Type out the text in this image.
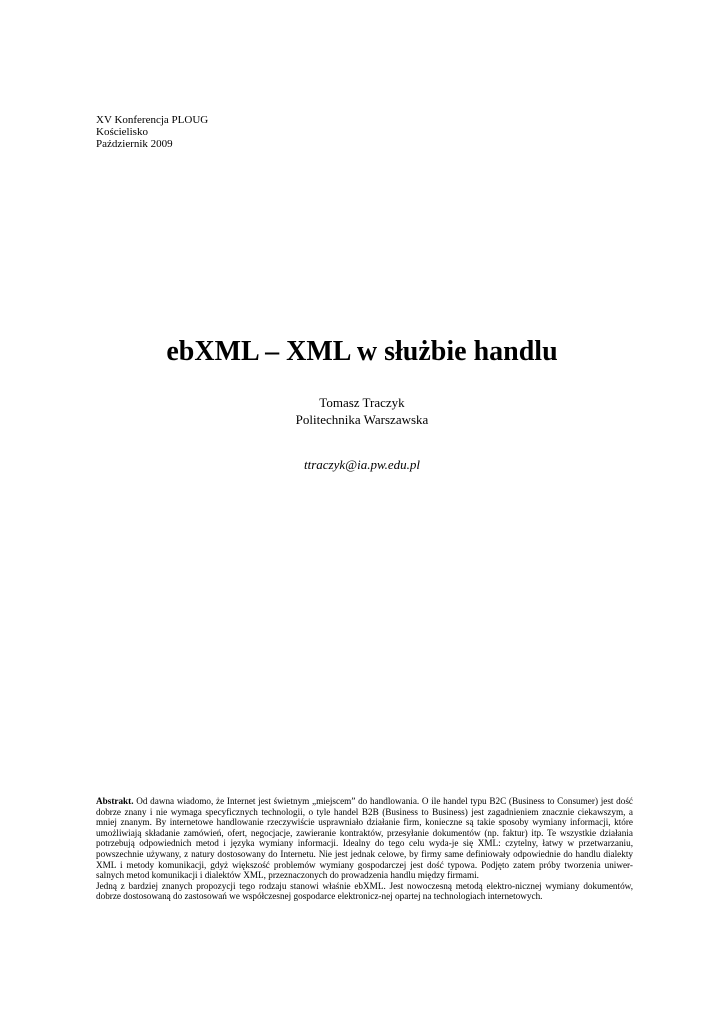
XV Konferencja PLOUG
Kościelisko
Październik 2009
ebXML – XML w służbie handlu
Tomasz Traczyk
Politechnika Warszawska
ttraczyk@ia.pw.edu.pl

Abstrakt. Od dawna wiadomo, że Internet jest świetnym „miejscem” do handlowania. O ile handel typu B2C (Business to Consumer) jest dość dobrze znany i nie wymaga specyficznych technologii, o tyle handel B2B (Business to Business) jest zagadnieniem znacznie ciekawszym, a mniej znanym. By internetowe handlowanie rzeczywiście usprawniało działanie firm, konieczne są takie sposoby wymiany informacji, które umożliwiają składanie zamówień, ofert, negocjacje, zawieranie kontraktów, przesyłanie dokumentów (np. faktur) itp. Te wszystkie działania potrzebują odpowiednich metod i języka wymiany informacji. Idealny do tego celu wyda-je się XML: czytelny, łatwy w przetwarzaniu, powszechnie używany, z natury dostosowany do Internetu. Nie jest jednak celowe, by firmy same definiowały odpowiednie do handlu dialekty XML i metody komunikacji, gdyż większość problemów wymiany gospodarczej jest dość typowa. Podjęto zatem próby tworzenia uniwer-salnych metod komunikacji i dialektów XML, przeznaczonych do prowadzenia handlu między firmami.

Jedną z bardziej znanych propozycji tego rodzaju stanowi właśnie ebXML. Jest nowoczesną metodą elektro-nicznej wymiany dokumentów, dobrze dostosowaną do zastosowań we współczesnej gospodarce elektronicz-nej opartej na technologiach internetowych.
